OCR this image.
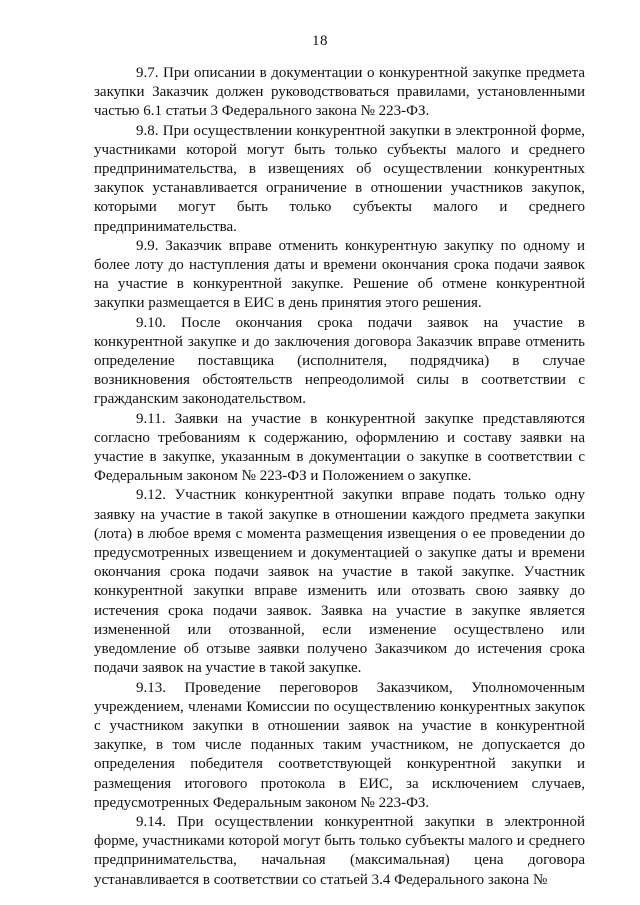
18

9.7. При описании в документации о конкурентной закупке предмета закупки Заказчик должен руководствоваться правилами, установленными частью 6.1 статьи 3 Федерального закона № 223-ФЗ.

9.8. При осуществлении конкурентной закупки в электронной форме, участниками которой могут быть только субъекты малого и среднего предпринимательства, в извещениях об осуществлении конкурентных закупок устанавливается ограничение в отношении участников закупок, которыми могут быть только субъекты малого и среднего предпринимательства.

9.9. Заказчик вправе отменить конкурентную закупку по одному и более лоту до наступления даты и времени окончания срока подачи заявок на участие в конкурентной закупке. Решение об отмене конкурентной закупки размещается в ЕИС в день принятия этого решения.

9.10. После окончания срока подачи заявок на участие в конкурентной закупке и до заключения договора Заказчик вправе отменить определение поставщика (исполнителя, подрядчика) в случае возникновения обстоятельств непреодолимой силы в соответствии с гражданским законодательством.

9.11. Заявки на участие в конкурентной закупке представляются согласно требованиям к содержанию, оформлению и составу заявки на участие в закупке, указанным в документации о закупке в соответствии с Федеральным законом № 223-ФЗ и Положением о закупке.

9.12. Участник конкурентной закупки вправе подать только одну заявку на участие в такой закупке в отношении каждого предмета закупки (лота) в любое время с момента размещения извещения о ее проведении до предусмотренных извещением и документацией о закупке даты и времени окончания срока подачи заявок на участие в такой закупке. Участник конкурентной закупки вправе изменить или отозвать свою заявку до истечения срока подачи заявок. Заявка на участие в закупке является измененной или отозванной, если изменение осуществлено или уведомление об отзыве заявки получено Заказчиком до истечения срока подачи заявок на участие в такой закупке.

9.13. Проведение переговоров Заказчиком, Уполномоченным учреждением, членами Комиссии по осуществлению конкурентных закупок с участником закупки в отношении заявок на участие в конкурентной закупке, в том числе поданных таким участником, не допускается до определения победителя соответствующей конкурентной закупки и размещения итогового протокола в ЕИС, за исключением случаев, предусмотренных Федеральным законом № 223-ФЗ.

9.14. При осуществлении конкурентной закупки в электронной форме, участниками которой могут быть только субъекты малого и среднего предпринимательства, начальная (максимальная) цена договора устанавливается в соответствии со статьей 3.4 Федерального закона №
